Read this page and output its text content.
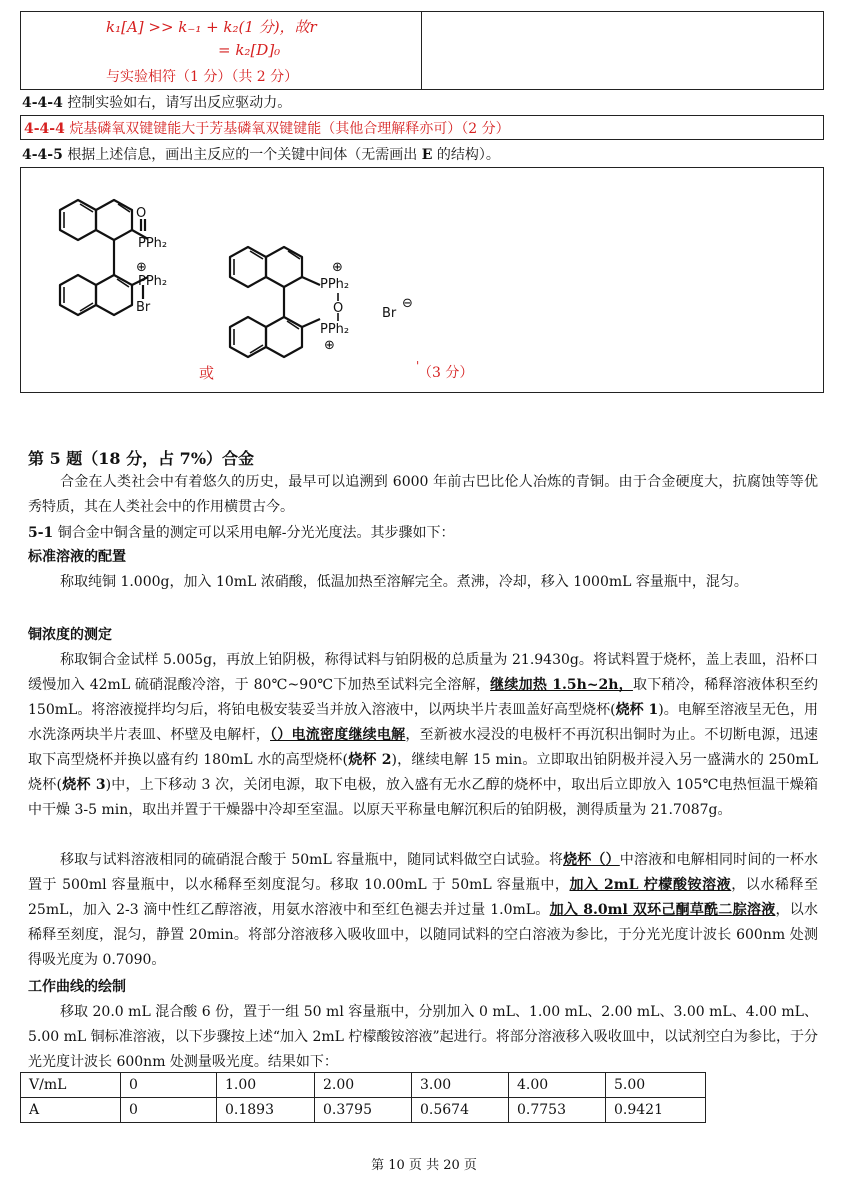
k₁[A] >> k₋₁ + k₂(1 分)，故r
= k₂[D]₀
与实验相符（1 分）（共 2 分）
4-4-4 控制实验如右，请写出反应驱动力。
4-4-4 烷基磷氧双键键能大于芳基磷氧双键键能（其他合理解释亦可）（2 分）
4-4-5 根据上述信息，画出主反应的一个关键中间体（无需画出 E 的结构）。
O
PPh₂
⊕
PPh₂
Br
⊕
PPh₂
O
PPh₂
⊕
Br
⊖
或	'
（3 分）
第 5 题（18 分，占 7%）合金
合金在人类社会中有着悠久的历史，最早可以追溯到 6000 年前古巴比伦人冶炼的青铜。由于合金硬度大，抗腐蚀等等优秀特质，其在人类社会中的作用横贯古今。
5-1 铜合金中铜含量的测定可以采用电解-分光光度法。其步骤如下：
标准溶液的配置
称取纯铜 1.000g，加入 10mL 浓硝酸，低温加热至溶解完全。煮沸，冷却，移入 1000mL 容量瓶中，混匀。
铜浓度的测定
称取铜合金试样 5.005g，再放上铂阴极，称得试料与铂阴极的总质量为 21.9430g。将试料置于烧杯，盖上表皿，沿杯口缓慢加入 42mL 硫硝混酸冷溶，于 80℃~90℃下加热至试料完全溶解，继续加热 1.5h~2h，取下稍冷，稀释溶液体积至约 150mL。将溶液搅拌均匀后，将铂电极安装妥当并放入溶液中，以两块半片表皿盖好高型烧杯(烧杯 1)。电解至溶液呈无色，用水洗涤两块半片表皿、杯壁及电解杆，（）电流密度继续电解，至新被水浸没的电极杆不再沉积出铜时为止。不切断电源，迅速取下高型烧杯并换以盛有约 180mL 水的高型烧杯(烧杯 2)，继续电解 15 min。立即取出铂阴极并浸入另一盛满水的 250mL 烧杯(烧杯 3)中，上下移动 3 次，关闭电源，取下电极，放入盛有无水乙醇的烧杯中，取出后立即放入 105℃电热恒温干燥箱中干燥 3-5 min，取出并置于干燥器中冷却至室温。以原天平称量电解沉积后的铂阴极，测得质量为 21.7087g。
移取与试料溶液相同的硫硝混合酸于 50mL 容量瓶中，随同试料做空白试验。将烧杯（）中溶液和电解相同时间的一杯水置于 500ml 容量瓶中，以水稀释至刻度混匀。移取 10.00mL 于 50mL 容量瓶中，加入 2mL 柠檬酸铵溶液，以水稀释至 25mL，加入 2-3 滴中性红乙醇溶液，用氨水溶液中和至红色褪去并过量 1.0mL。加入 8.0ml 双环己酮草酰二腙溶液，以水稀释至刻度，混匀，静置 20min。将部分溶液移入吸收皿中，以随同试料的空白溶液为参比，于分光光度计波长 600nm 处测得吸光度为 0.7090。
工作曲线的绘制
移取 20.0 mL 混合酸 6 份，置于一组 50 ml 容量瓶中，分别加入 0 mL、1.00 mL、2.00 mL、3.00 mL、4.00 mL、5.00 mL 铜标准溶液，以下步骤按上述“加入 2mL 柠檬酸铵溶液”起进行。将部分溶液移入吸收皿中，以试剂空白为参比，于分光光度计波长 600nm 处测量吸光度。结果如下：
V/mL	0	1.00	2.00	3.00	4.00	5.00
A	0	0.1893	0.3795	0.5674	0.7753	0.9421
第 10 页 共 20 页
